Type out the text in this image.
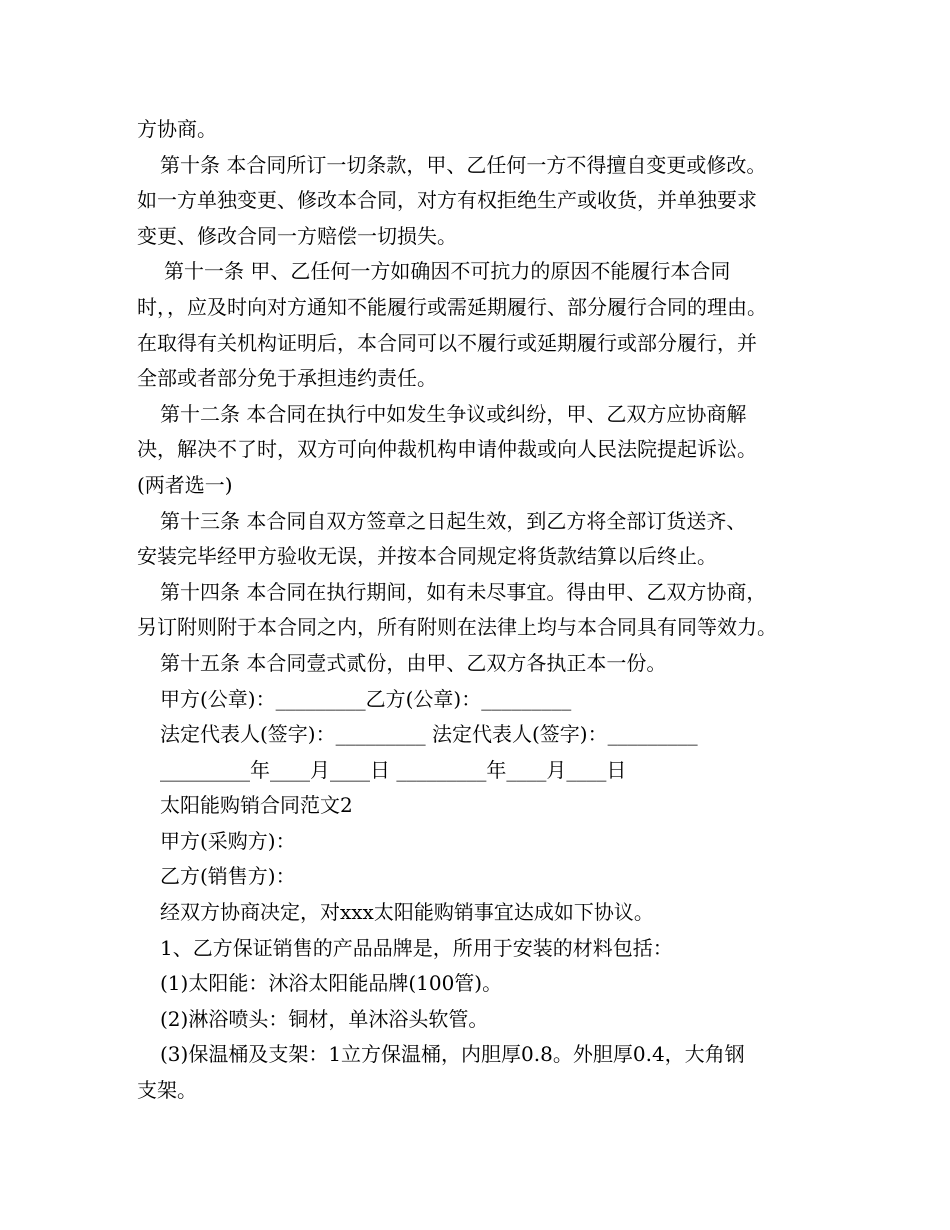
方协商。

第十条 本合同所订一切条款，甲、乙任何一方不得擅自变更或修改。

如一方单独变更、修改本合同，对方有权拒绝生产或收货，并单独要求

变更、修改合同一方赔偿一切损失。

第十一条 甲、乙任何一方如确因不可抗力的原因不能履行本合同

时，，应及时向对方通知不能履行或需延期履行、部分履行合同的理由。

在取得有关机构证明后，本合同可以不履行或延期履行或部分履行，并

全部或者部分免于承担违约责任。

第十二条 本合同在执行中如发生争议或纠纷，甲、乙双方应协商解

决，解决不了时，双方可向仲裁机构申请仲裁或向人民法院提起诉讼。

(两者选一)

第十三条 本合同自双方签章之日起生效，到乙方将全部订货送齐、

安装完毕经甲方验收无误，并按本合同规定将货款结算以后终止。

第十四条 本合同在执行期间，如有未尽事宜。得由甲、乙双方协商，

另订附则附于本合同之内，所有附则在法律上均与本合同具有同等效力。

第十五条 本合同壹式贰份，由甲、乙双方各执正本一份。

甲方(公章)：_________乙方(公章)：_________

法定代表人(签字)：_________ 法定代表人(签字)：_________

_________年____月____日 _________年____月____日

太阳能购销合同范文2

甲方(采购方)：

乙方(销售方)：

经双方协商决定，对xxx太阳能购销事宜达成如下协议。

1、乙方保证销售的产品品牌是，所用于安装的材料包括：

(1)太阳能：沐浴太阳能品牌(100管)。

(2)淋浴喷头：铜材，单沐浴头软管。

(3)保温桶及支架：1立方保温桶，内胆厚0.8。外胆厚0.4，大角钢

支架。
